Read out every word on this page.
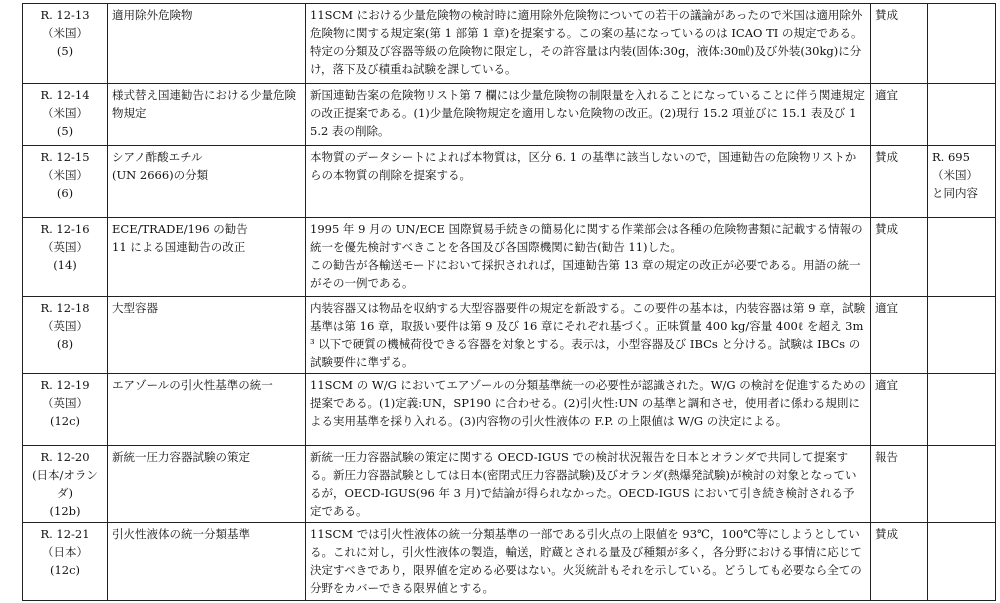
R. 12-13
（米国）
(5)	適用除外危険物	11SCM における少量危険物の検討時に適用除外危険物についての若干の議論があったので米国は適用除外危険物に関する規定案(第 1 部第 1 章)を提案する。この案の基になっているのは ICAO TI の規定である。特定の分類及び容器等級の危険物に限定し，その許容量は内装(固体:30g，液体:30㎖)及び外装(30kg)に分け，落下及び積重ね試験を課している。	賛成	
R. 12-14
（米国）
(5)	様式替え国連勧告における少量危険物規定	新国連勧告案の危険物リスト第 7 欄には少量危険物の制限量を入れることになっていることに伴う関連規定の改正提案である。(1)少量危険物規定を適用しない危険物の改正。(2)現行 15.2 項並びに 15.1 表及び 15.2 表の削除。	適宜	
R. 12-15
（米国）
(6)	シアノ酢酸エチル
(UN 2666)の分類	本物質のデータシートによれば本物質は，区分 6. 1 の基準に該当しないので，国連勧告の危険物リストからの本物質の削除を提案する。	賛成	R. 695（米国）
と同内容
R. 12-16
（英国）
(14)	ECE/TRADE/196 の勧告
11 による国連勧告の改正	1995 年 9 月の UN/ECE 国際貿易手続きの簡易化に関する作業部会は各種の危険物書類に記載する情報の統一を優先検討すべきことを各国及び各国際機関に勧告(勧告 11)した。
この勧告が各輸送モードにおいて採択されれば，国連勧告第 13 章の規定の改正が必要である。用語の統一がその一例である。	賛成	
R. 12-18
（英国）
(8)	大型容器	内装容器又は物品を収納する大型容器要件の規定を新設する。この要件の基本は，内装容器は第 9 章，試験基準は第 16 章，取扱い要件は第 9 及び 16 章にそれぞれ基づく。正味質量 400 kg/容量 400ℓ を超え 3m³ 以下で硬質の機械荷役できる容器を対象とする。表示は，小型容器及び IBCs と分ける。試験は IBCs の試験要件に準ずる。	適宜	
R. 12-19
（英国）
(12c)	エアゾールの引火性基準の統一	11SCM の W/G においてエアゾールの分類基準統一の必要性が認識された。W/G の検討を促進するための提案である。(1)定義:UN，SP190 に合わせる。(2)引火性:UN の基準と調和させ，使用者に係わる規則による実用基準を採り入れる。(3)内容物の引火性液体の F.P. の上限値は W/G の決定による。	適宜	
R. 12-20
(日本/オランダ)
(12b)	新統一圧力容器試験の策定	新統一圧力容器試験の策定に関する OECD-IGUS での検討状況報告を日本とオランダで共同して提案する。新圧力容器試験としては日本(密閉式圧力容器試験)及びオランダ(熱爆発試験)が検討の対象となっているが，OECD-IGUS(96 年 3 月)で結論が得られなかった。OECD-IGUS において引き続き検討される予定である。	報告	
R. 12-21
（日本）
(12c)	引火性液体の統一分類基準	11SCM では引火性液体の統一分類基準の一部である引火点の上限値を 93℃，100℃等にしようとしている。これに対し，引火性液体の製造，輸送，貯蔵とされる量及び種類が多く，各分野における事情に応じて決定すべきであり，限界値を定める必要はない。火災統計もそれを示している。どうしても必要なら全ての分野をカバーできる限界値とする。	賛成	
